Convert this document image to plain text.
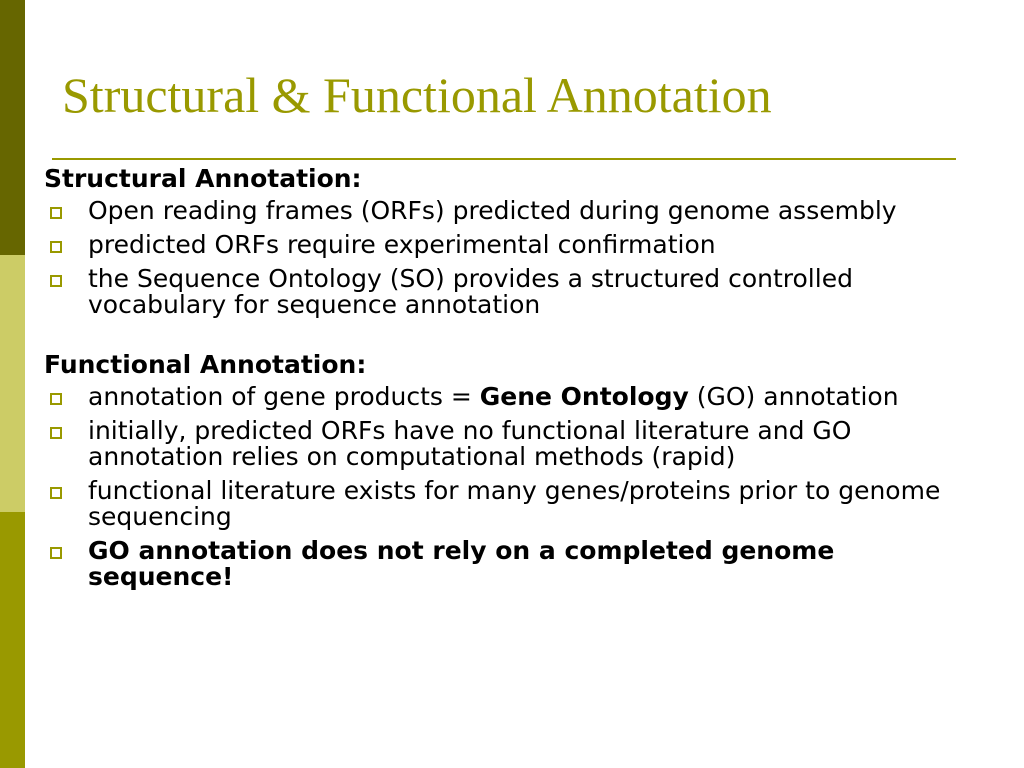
Structural & Functional Annotation
Structural Annotation:
Open reading frames (ORFs) predicted during genome assembly
predicted ORFs require experimental confirmation
the Sequence Ontology (SO) provides a structured controlled vocabulary for sequence annotation
Functional Annotation:
annotation of gene products = Gene Ontology (GO) annotation
initially, predicted ORFs have no functional literature and GO annotation relies on computational methods (rapid)
functional literature exists for many genes/proteins prior to genome sequencing
GO annotation does not rely on a completed genome sequence!
